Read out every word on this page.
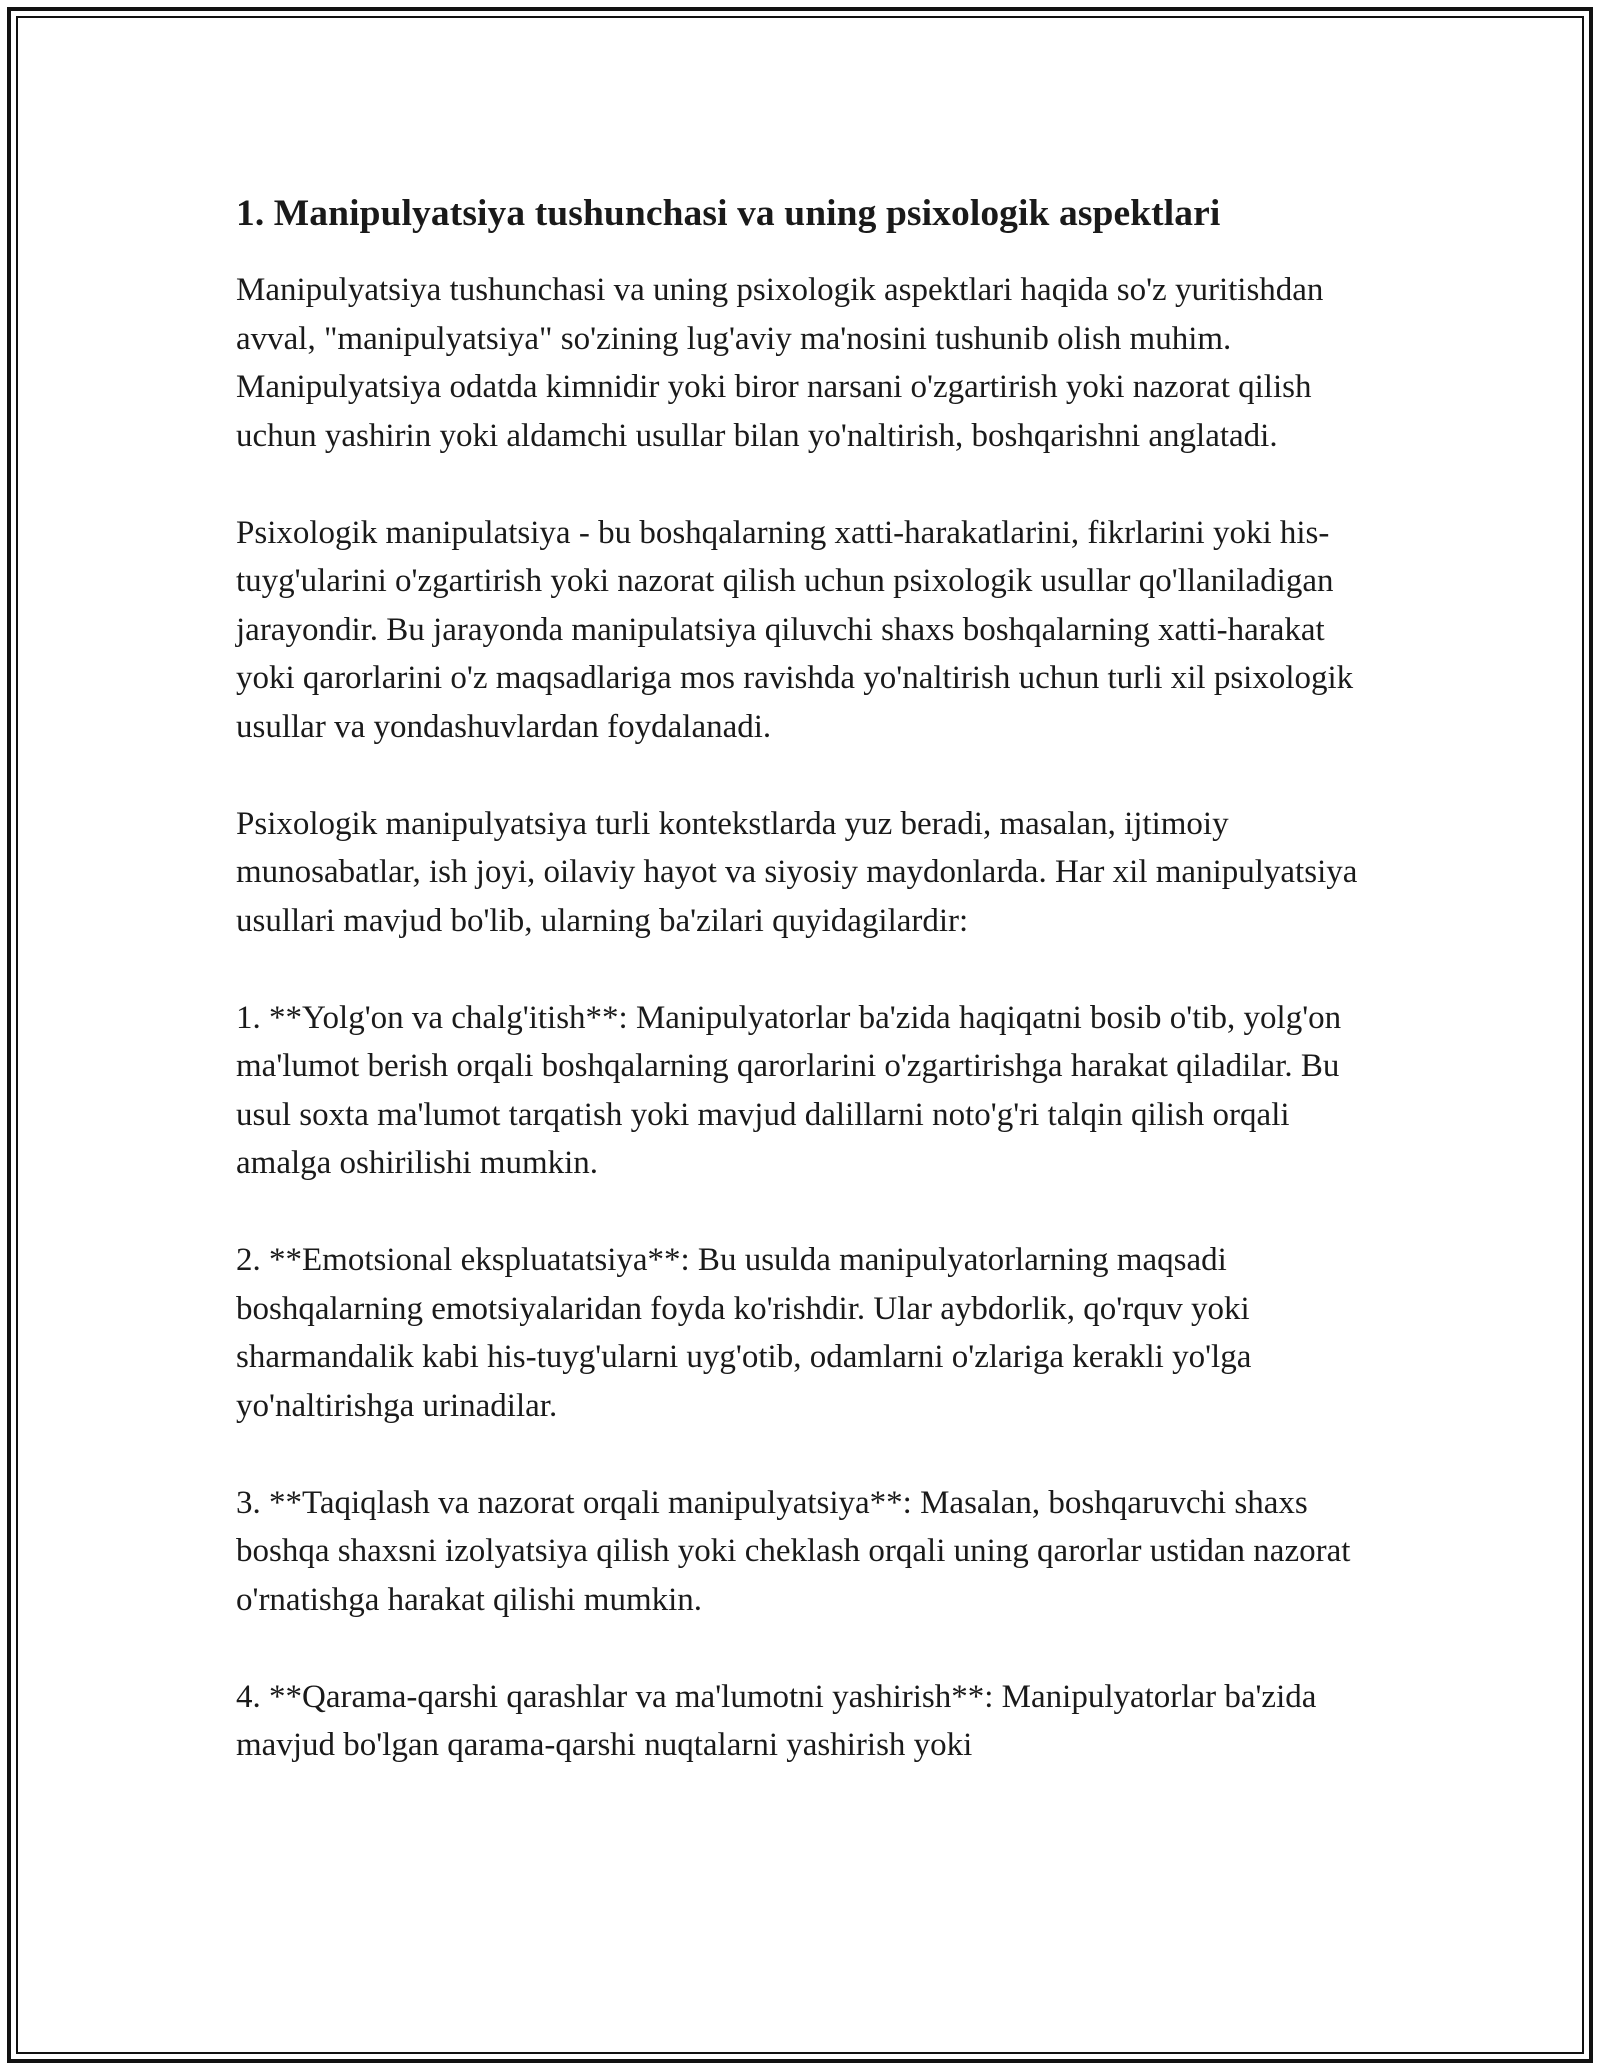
1. Manipulyatsiya tushunchasi va uning psixologik aspektlari

Manipulyatsiya tushunchasi va uning psixologik aspektlari haqida so'z yuritishdan avval, "manipulyatsiya" so'zining lug'aviy ma'nosini tushunib olish muhim. Manipulyatsiya odatda kimnidir yoki biror narsani o'zgartirish yoki nazorat qilish uchun yashirin yoki aldamchi usullar bilan yo'naltirish, boshqarishni anglatadi.

Psixologik manipulatsiya - bu boshqalarning xatti-harakatlarini, fikrlarini yoki his-tuyg'ularini o'zgartirish yoki nazorat qilish uchun psixologik usullar qo'llaniladigan jarayondir. Bu jarayonda manipulatsiya qiluvchi shaxs boshqalarning xatti-harakat yoki qarorlarini o'z maqsadlariga mos ravishda yo'naltirish uchun turli xil psixologik usullar va yondashuvlardan foydalanadi.

Psixologik manipulyatsiya turli kontekstlarda yuz beradi, masalan, ijtimoiy munosabatlar, ish joyi, oilaviy hayot va siyosiy maydonlarda. Har xil manipulyatsiya usullari mavjud bo'lib, ularning ba'zilari quyidagilardir:

1. **Yolg'on va chalg'itish**: Manipulyatorlar ba'zida haqiqatni bosib o'tib, yolg'on ma'lumot berish orqali boshqalarning qarorlarini o'zgartirishga harakat qiladilar. Bu usul soxta ma'lumot tarqatish yoki mavjud dalillarni noto'g'ri talqin qilish orqali amalga oshirilishi mumkin.

2. **Emotsional ekspluatatsiya**: Bu usulda manipulyatorlarning maqsadi boshqalarning emotsiyalaridan foyda ko'rishdir. Ular aybdorlik, qo'rquv yoki sharmandalik kabi his-tuyg'ularni uyg'otib, odamlarni o'zlariga kerakli yo'lga yo'naltirishga urinadilar.

3. **Taqiqlash va nazorat orqali manipulyatsiya**: Masalan, boshqaruvchi shaxs boshqa shaxsni izolyatsiya qilish yoki cheklash orqali uning qarorlar ustidan nazorat o'rnatishga harakat qilishi mumkin.

4. **Qarama-qarshi qarashlar va ma'lumotni yashirish**: Manipulyatorlar ba'zida mavjud bo'lgan qarama-qarshi nuqtalarni yashirish yoki
